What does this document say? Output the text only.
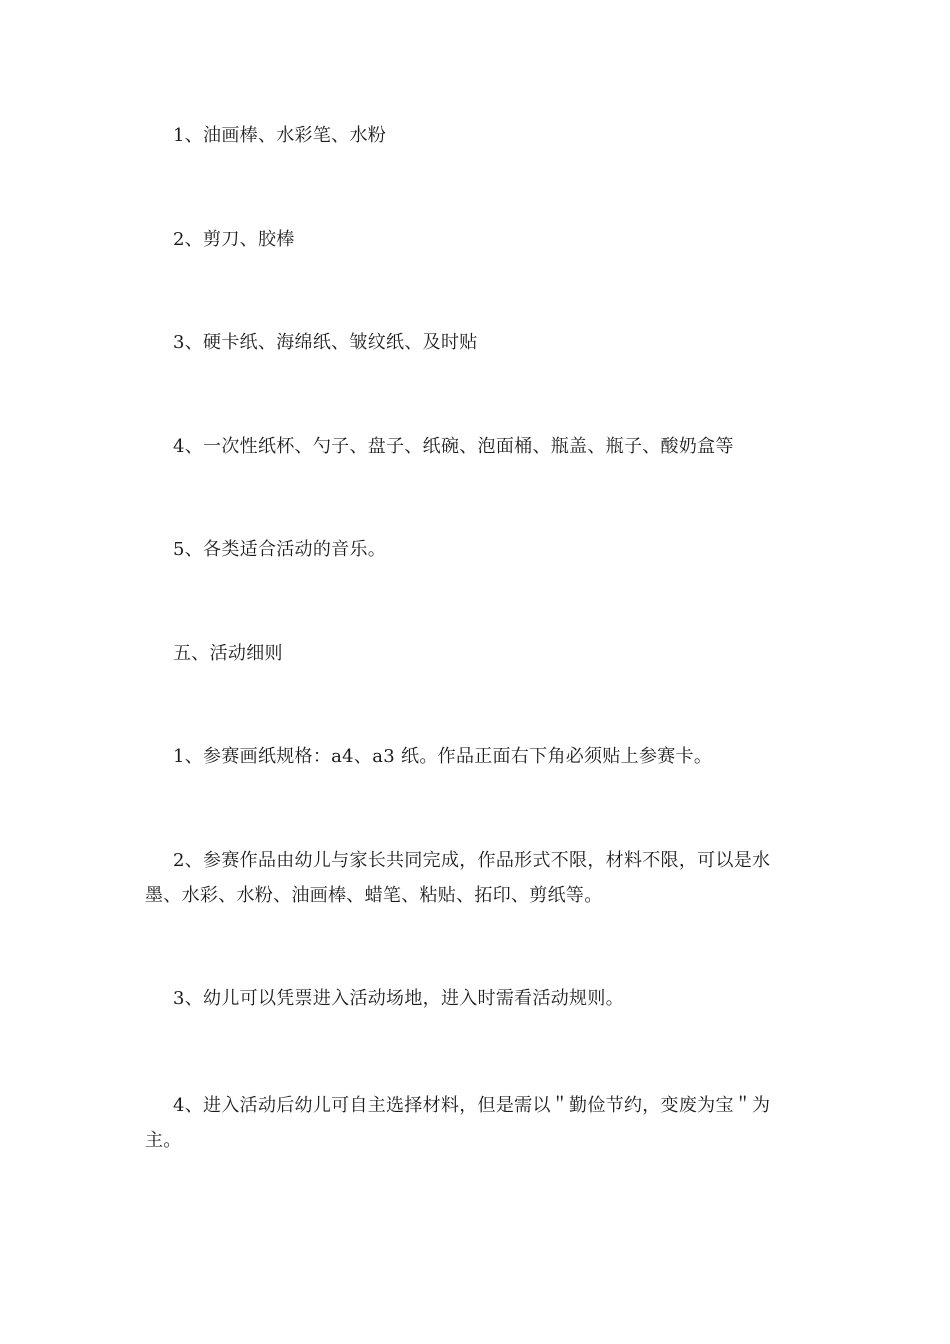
1、油画棒、水彩笔、水粉

2、剪刀、胶棒

3、硬卡纸、海绵纸、皱纹纸、及时贴

4、一次性纸杯、勺子、盘子、纸碗、泡面桶、瓶盖、瓶子、酸奶盒等

5、各类适合活动的音乐。

五、活动细则

1、参赛画纸规格：a4、a3 纸。作品正面右下角必须贴上参赛卡。

2、参赛作品由幼儿与家长共同完成，作品形式不限，材料不限，可以是水墨、水彩、水粉、油画棒、蜡笔、粘贴、拓印、剪纸等。

3、幼儿可以凭票进入活动场地，进入时需看活动规则。

4、进入活动后幼儿可自主选择材料，但是需以＂勤俭节约，变废为宝＂为主。
